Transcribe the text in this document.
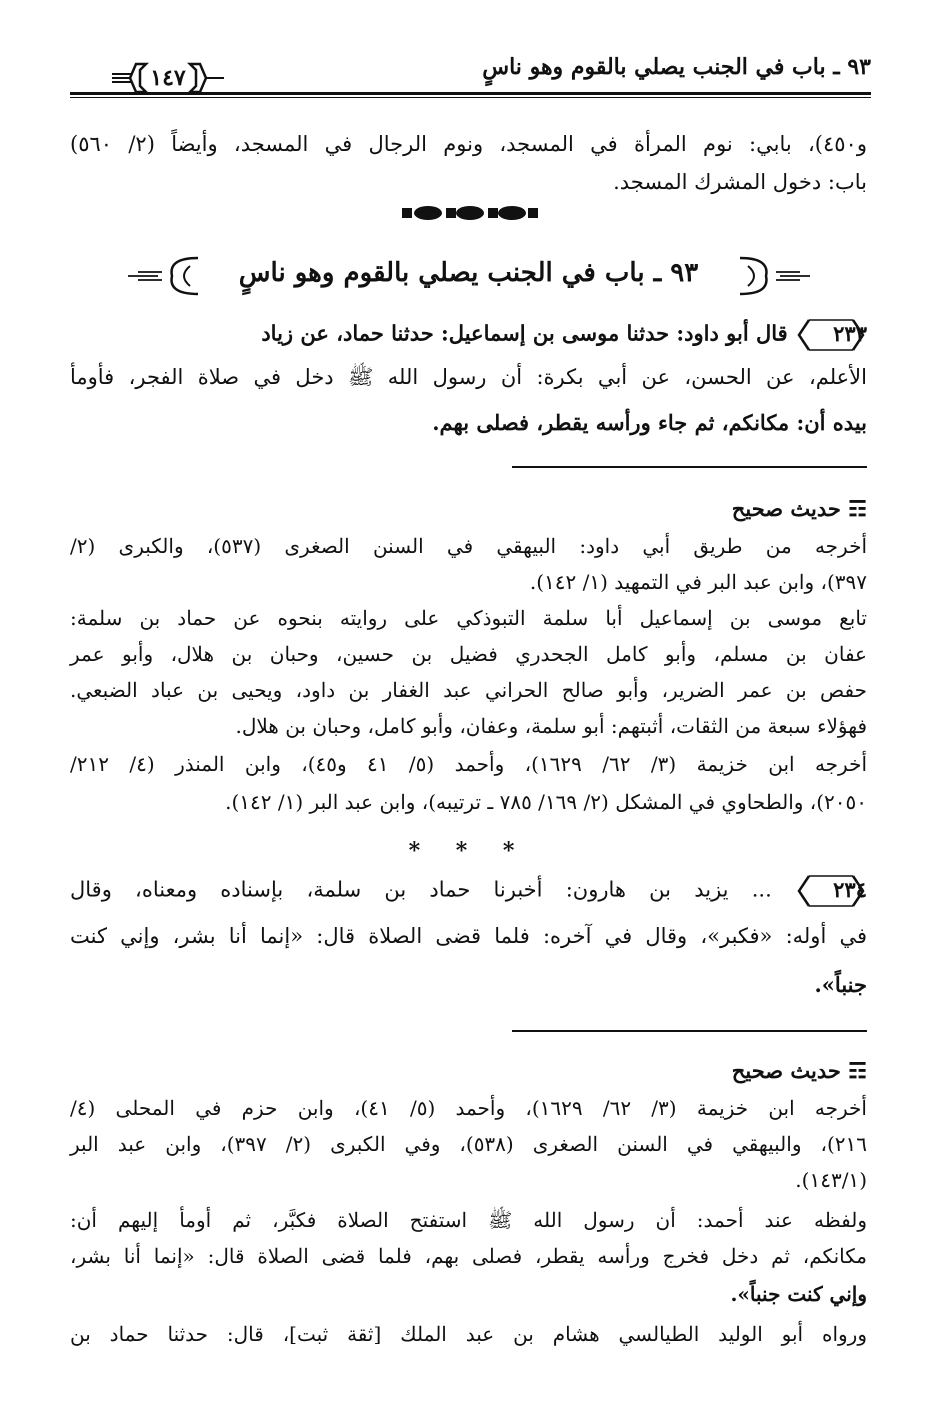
٩٣ ـ باب في الجنب يصلي بالقوم وهو ناسٍ
١٤٧
و٤٥٠)، بابي: نوم المرأة في المسجد، ونوم الرجال في المسجد، وأيضاً (٢/ ٥٦٠)
باب: دخول المشرك المسجد.
٩٣ ـ باب في الجنب يصلي بالقوم وهو ناسٍ
٢٣٣
قال أبو داود: حدثنا موسى بن إسماعيل: حدثنا حماد، عن زياد
الأعلم، عن الحسن، عن أبي بكرة: أن رسول الله ﷺ دخل في صلاة الفجر، فأومأ
بيده أن: مكانكم، ثم جاء ورأسه يقطر، فصلى بهم.
☶ حديث صحيح
أخرجه من طريق أبي داود: البيهقي في السنن الصغرى (٥٣٧)، والكبرى (٢/
٣٩٧)، وابن عبد البر في التمهيد (١/ ١٤٢).
تابع موسى بن إسماعيل أبا سلمة التبوذكي على روايته بنحوه عن حماد بن سلمة:
عفان بن مسلم، وأبو كامل الجحدري فضيل بن حسين، وحبان بن هلال، وأبو عمر
حفص بن عمر الضرير، وأبو صالح الحراني عبد الغفار بن داود، ويحيى بن عباد الضبعي.
فهؤلاء سبعة من الثقات، أثبتهم: أبو سلمة، وعفان، وأبو كامل، وحبان بن هلال.
أخرجه ابن خزيمة (٣/ ٦٢/ ١٦٢٩)، وأحمد (٥/ ٤١ و٤٥)، وابن المنذر (٤/ ٢١٢/
٢٠٥٠)، والطحاوي في المشكل (٢/ ١٦٩/ ٧٨٥ ـ ترتيبه)، وابن عبد البر (١/ ١٤٢).
* * *
٢٣٤
... يزيد بن هارون: أخبرنا حماد بن سلمة، بإسناده ومعناه، وقال
في أوله: «فكبر»، وقال في آخره: فلما قضى الصلاة قال: «إنما أنا بشر، وإني كنت
جنباً».
☶ حديث صحيح
أخرجه ابن خزيمة (٣/ ٦٢/ ١٦٢٩)، وأحمد (٥/ ٤١)، وابن حزم في المحلى (٤/
٢١٦)، والبيهقي في السنن الصغرى (٥٣٨)، وفي الكبرى (٢/ ٣٩٧)، وابن عبد البر
(١٤٣/١).
ولفظه عند أحمد: أن رسول الله ﷺ استفتح الصلاة فكبَّر، ثم أومأ إليهم أن:
مكانكم، ثم دخل فخرج ورأسه يقطر، فصلى بهم، فلما قضى الصلاة قال: «إنما أنا بشر،
وإني كنت جنباً».
ورواه أبو الوليد الطيالسي هشام بن عبد الملك [ثقة ثبت]، قال: حدثنا حماد بن
